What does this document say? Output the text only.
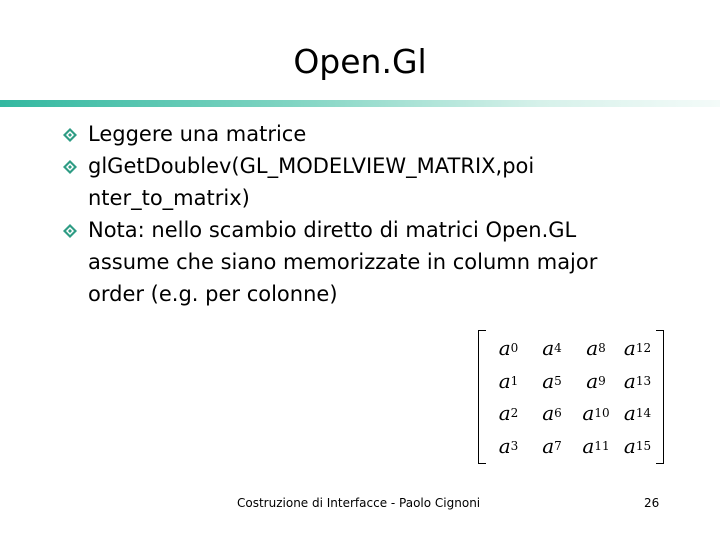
Open.Gl
Leggere una matrice
glGetDoublev(GL_MODELVIEW_MATRIX,poi nter_to_matrix)
Nota: nello scambio diretto di matrici Open.GL assume che siano memorizzate in column major order (e.g. per colonne)
a 0 a 4 a 8 a 12
a 1 a 5 a 9 a 13
a 2 a 6 a 10 a 14
a 3 a 7 a 11 a 15
Costruzione di Interfacce - Paolo Cignoni	26
